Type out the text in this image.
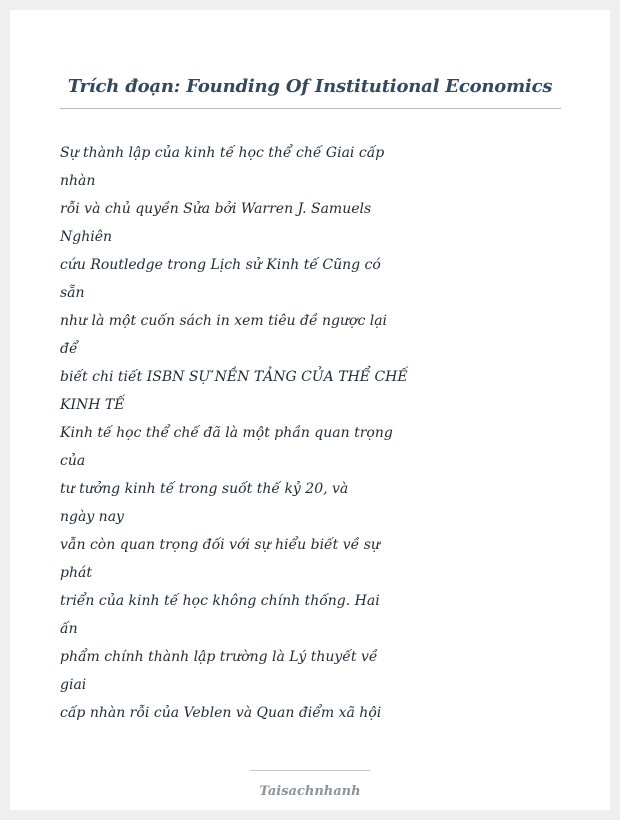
Trích đoạn: Founding Of Institutional Economics
Sự thành lập của kinh tế học thể chế Giai cấp
nhàn
rỗi và chủ quyền Sửa bởi Warren J. Samuels
Nghiên
cứu Routledge trong Lịch sử Kinh tế Cũng có
sẵn
như là một cuốn sách in xem tiêu đề ngược lại
để
biết chi tiết ISBN SỰ NỀN TẢNG CỦA THỂ CHẾ
KINH TẾ
Kinh tế học thể chế đã là một phần quan trọng
của
tư tưởng kinh tế trong suốt thế kỷ 20, và
ngày nay
vẫn còn quan trọng đối với sự hiểu biết về sự
phát
triển của kinh tế học không chính thống. Hai
ấn
phẩm chính thành lập trường là Lý thuyết về
giai
cấp nhàn rỗi của Veblen và Quan điểm xã hội
Taisachnhanh
